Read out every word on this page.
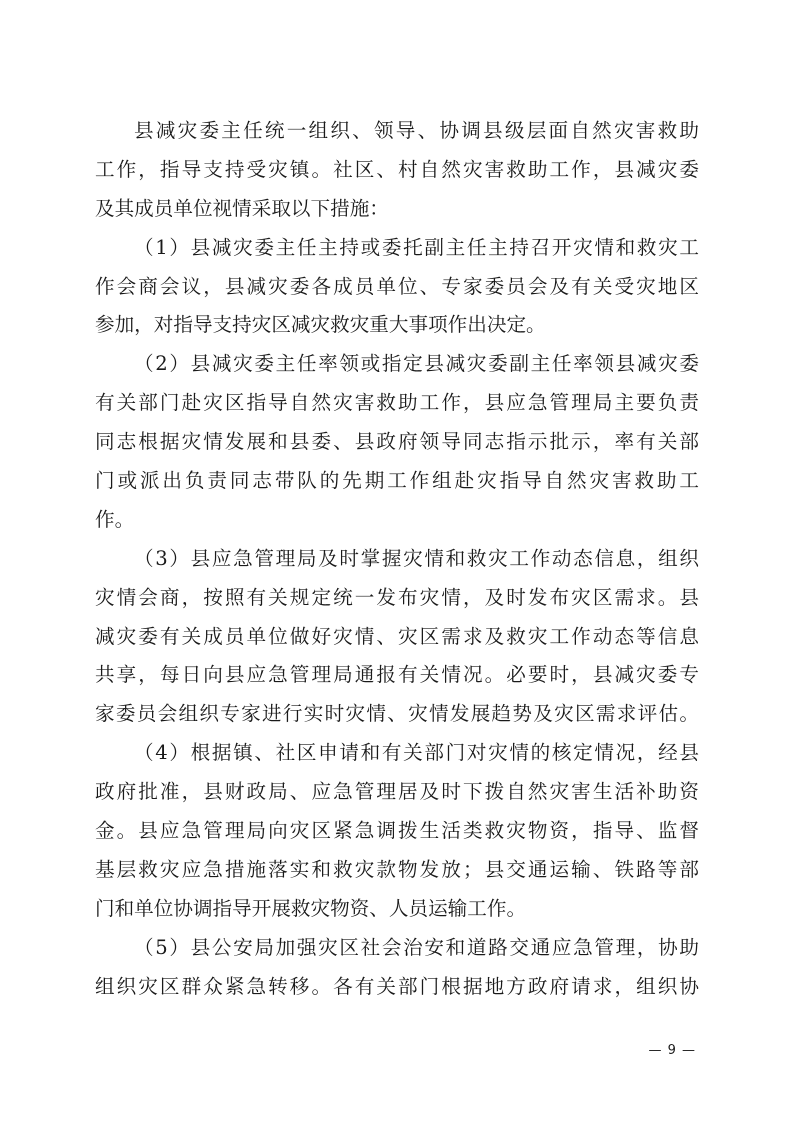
县减灾委主任统一组织、领导、协调县级层面自然灾害救助
工作，指导支持受灾镇。社区、村自然灾害救助工作，县减灾委
及其成员单位视情采取以下措施：
（1）县减灾委主任主持或委托副主任主持召开灾情和救灾工
作会商会议，县减灾委各成员单位、专家委员会及有关受灾地区
参加，对指导支持灾区减灾救灾重大事项作出决定。
（2）县减灾委主任率领或指定县减灾委副主任率领县减灾委
有关部门赴灾区指导自然灾害救助工作，县应急管理局主要负责
同志根据灾情发展和县委、县政府领导同志指示批示，率有关部
门或派出负责同志带队的先期工作组赴灾指导自然灾害救助工
作。
（3）县应急管理局及时掌握灾情和救灾工作动态信息，组织
灾情会商，按照有关规定统一发布灾情，及时发布灾区需求。县
减灾委有关成员单位做好灾情、灾区需求及救灾工作动态等信息
共享，每日向县应急管理局通报有关情况。必要时，县减灾委专
家委员会组织专家进行实时灾情、灾情发展趋势及灾区需求评估。
（4）根据镇、社区申请和有关部门对灾情的核定情况，经县
政府批准，县财政局、应急管理居及时下拨自然灾害生活补助资
金。县应急管理局向灾区紧急调拨生活类救灾物资，指导、监督
基层救灾应急措施落实和救灾款物发放；县交通运输、铁路等部
门和单位协调指导开展救灾物资、人员运输工作。
（5）县公安局加强灾区社会治安和道路交通应急管理，协助
组织灾区群众紧急转移。各有关部门根据地方政府请求，组织协
— 9 —
